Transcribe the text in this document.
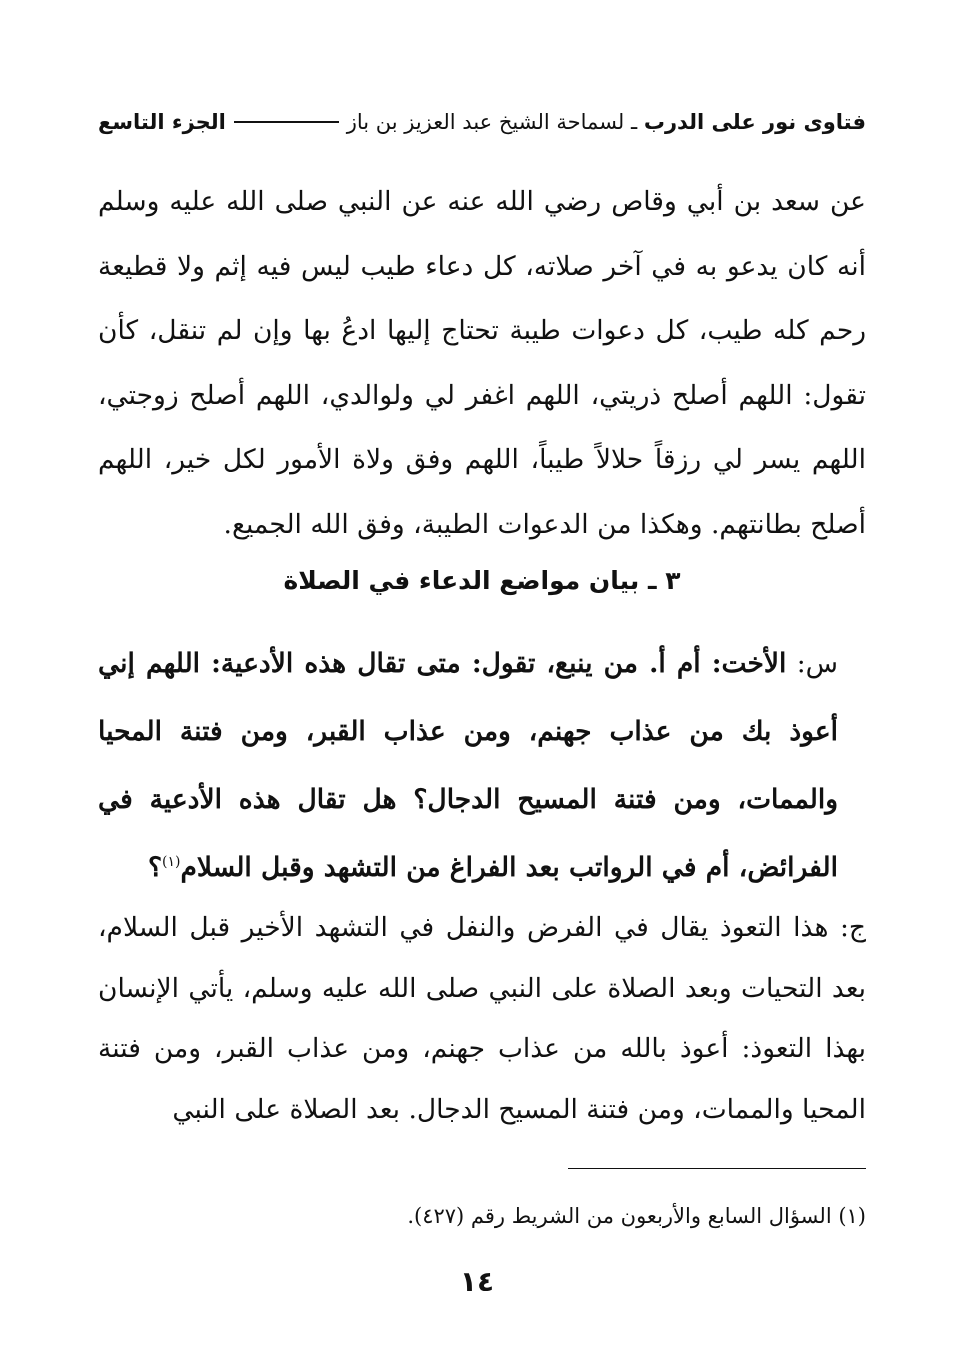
فتاوى نور على الدرب ـ لسماحة الشيخ عبد العزيز بن باز
الجزء التاسع
عن سعد بن أبي وقاص رضي الله عنه عن النبي صلى الله عليه وسلم أنه كان يدعو به في آخر صلاته، كل دعاء طيب ليس فيه إثم ولا قطيعة رحم كله طيب، كل دعوات طيبة تحتاج إليها ادعُ بها وإن لم تنقل، كأن تقول: اللهم أصلح ذريتي، اللهم اغفر لي ولوالدي، اللهم أصلح زوجتي، اللهم يسر لي رزقاً حلالاً طيباً، اللهم وفق ولاة الأمور لكل خير، اللهم أصلح بطانتهم. وهكذا من الدعوات الطيبة، وفق الله الجميع.
٣ ـ بيان مواضع الدعاء في الصلاة
س: الأخت: أم أ. من ينبع، تقول: متى تقال هذه الأدعية: اللهم إني أعوذ بك من عذاب جهنم، ومن عذاب القبر، ومن فتنة المحيا والممات، ومن فتنة المسيح الدجال؟ هل تقال هذه الأدعية في الفرائض، أم في الرواتب بعد الفراغ من التشهد وقبل السلام$^{(١)}$؟
ج: هذا التعوذ يقال في الفرض والنفل في التشهد الأخير قبل السلام، بعد التحيات وبعد الصلاة على النبي صلى الله عليه وسلم، يأتي الإنسان بهذا التعوذ: أعوذ بالله من عذاب جهنم، ومن عذاب القبر، ومن فتنة المحيا والممات، ومن فتنة المسيح الدجال. بعد الصلاة على النبي
(١) السؤال السابع والأربعون من الشريط رقم (٤٢٧).
١٤
